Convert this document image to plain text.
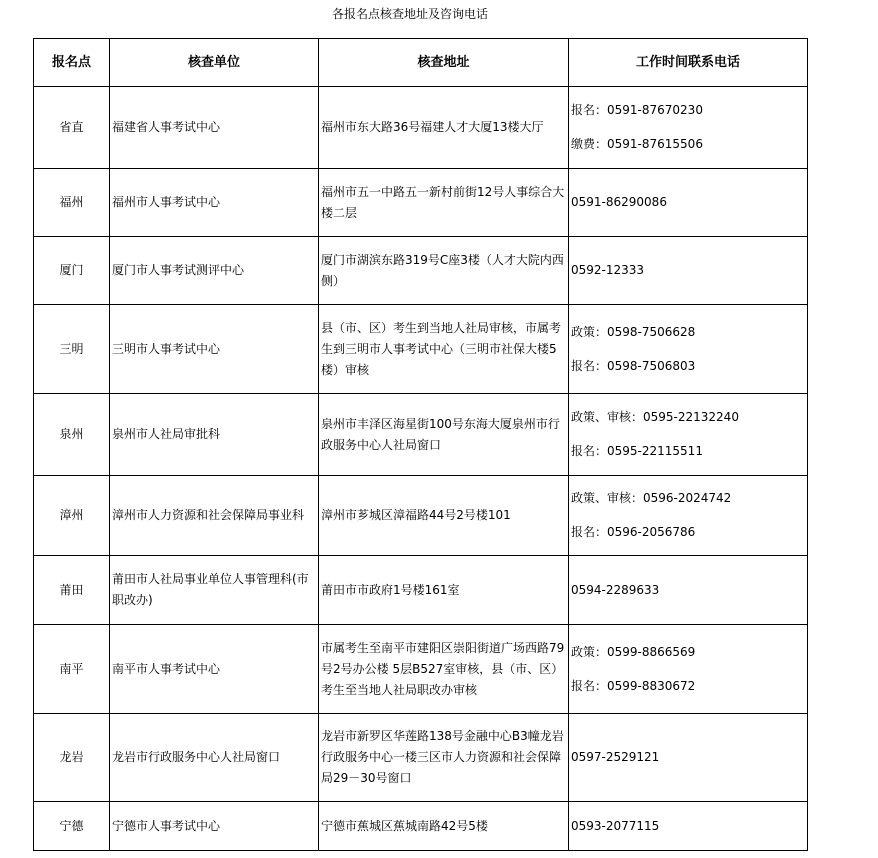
各报名点核查地址及咨询电话
报名点	核查单位	核查地址	工作时间联系电话
省直	福建省人事考试中心	福州市东大路36号福建人才大厦13楼大厅	报名：0591-87670230
缴费：0591-87615506

福州	福州市人事考试中心	福州市五一中路五一新村前街12号人事综合大楼二层	0591-86290086

厦门	厦门市人事考试测评中心	厦门市湖滨东路319号C座3楼（人才大院内西侧）	0592-12333

三明	三明市人事考试中心	县（市、区）考生到当地人社局审核，市属考生到三明市人事考试中心（三明市社保大楼5楼）审核	政策：0598-7506628
报名：0598-7506803

泉州	泉州市人社局审批科	泉州市丰泽区海星街100号东海大厦泉州市行政服务中心人社局窗口	政策、审核：0595-22132240
报名：0595-22115511

漳州	漳州市人力资源和社会保障局事业科	漳州市芗城区漳福路44号2号楼101	政策、审核：0596-2024742
报名：0596-2056786

莆田	莆田市人社局事业单位人事管理科(市职改办)	莆田市市政府1号楼161室	0594-2289633

南平	南平市人事考试中心	市属考生至南平市建阳区崇阳街道广场西路79号2号办公楼 5层B527室审核，县（市、区）考生至当地人社局职改办审核	政策：0599-8866569
报名：0599-8830672

龙岩	龙岩市行政服务中心人社局窗口	龙岩市新罗区华莲路138号金融中心B3幢龙岩行政服务中心一楼三区市人力资源和社会保障局29－30号窗口	0597-2529121

宁德	宁德市人事考试中心	宁德市蕉城区蕉城南路42号5楼	0593-2077115
